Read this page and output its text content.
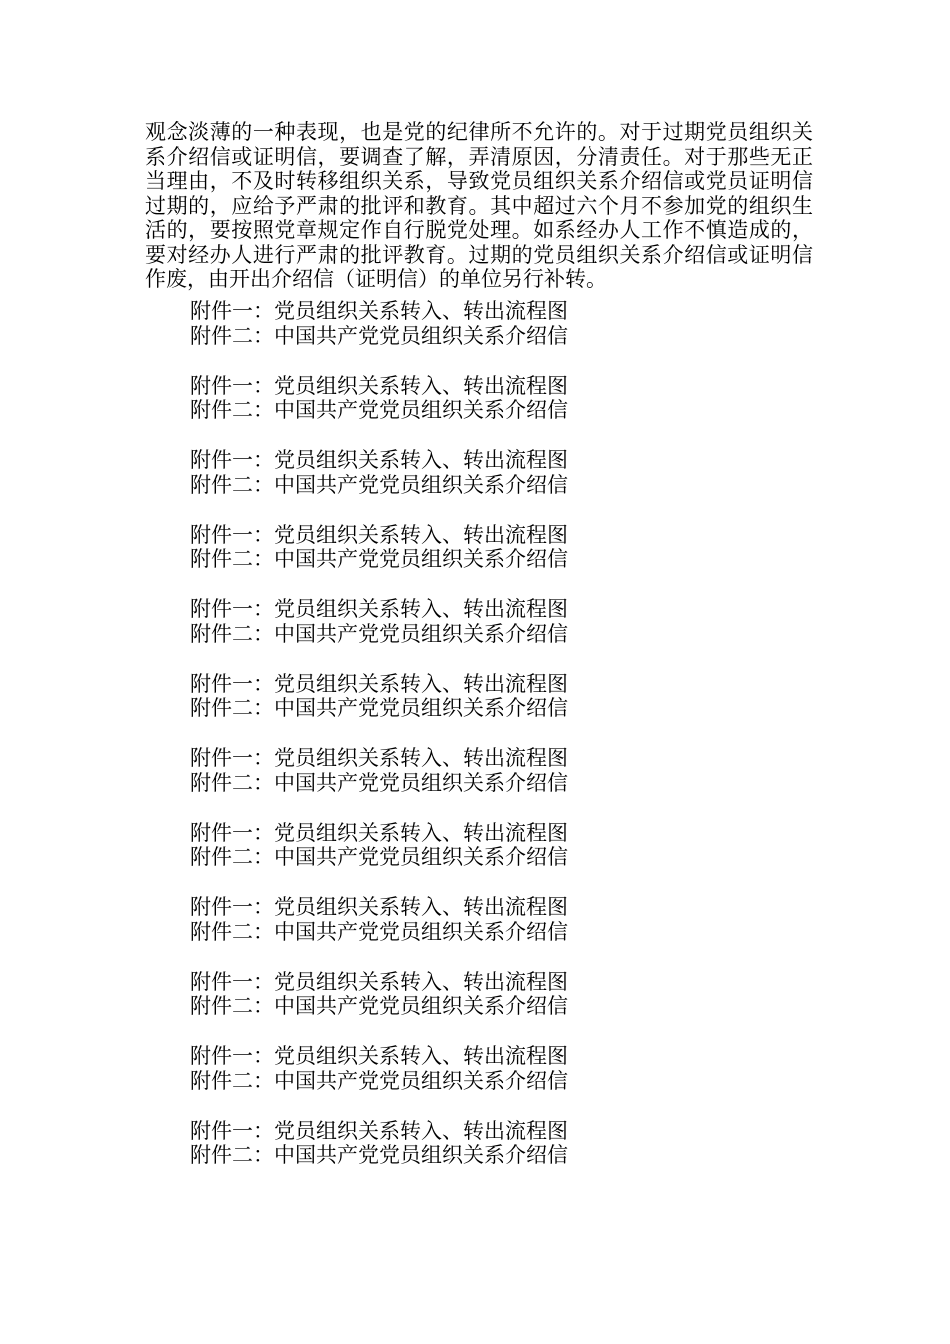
观念淡薄的一种表现，也是党的纪律所不允许的。对于过期党员组织关系介绍信或证明信，要调查了解，弄清原因，分清责任。对于那些无正当理由，不及时转移组织关系，导致党员组织关系介绍信或党员证明信过期的，应给予严肃的批评和教育。其中超过六个月不参加党的组织生活的，要按照党章规定作自行脱党处理。如系经办人工作不慎造成的，要对经办人进行严肃的批评教育。过期的党员组织关系介绍信或证明信作废，由开出介绍信（证明信）的单位另行补转。

附件一：党员组织关系转入、转出流程图
附件二：中国共产党党员组织关系介绍信
附件一：党员组织关系转入、转出流程图
附件二：中国共产党党员组织关系介绍信
附件一：党员组织关系转入、转出流程图
附件二：中国共产党党员组织关系介绍信
附件一：党员组织关系转入、转出流程图
附件二：中国共产党党员组织关系介绍信
附件一：党员组织关系转入、转出流程图
附件二：中国共产党党员组织关系介绍信
附件一：党员组织关系转入、转出流程图
附件二：中国共产党党员组织关系介绍信
附件一：党员组织关系转入、转出流程图
附件二：中国共产党党员组织关系介绍信
附件一：党员组织关系转入、转出流程图
附件二：中国共产党党员组织关系介绍信
附件一：党员组织关系转入、转出流程图
附件二：中国共产党党员组织关系介绍信
附件一：党员组织关系转入、转出流程图
附件二：中国共产党党员组织关系介绍信
附件一：党员组织关系转入、转出流程图
附件二：中国共产党党员组织关系介绍信
附件一：党员组织关系转入、转出流程图
附件二：中国共产党党员组织关系介绍信
